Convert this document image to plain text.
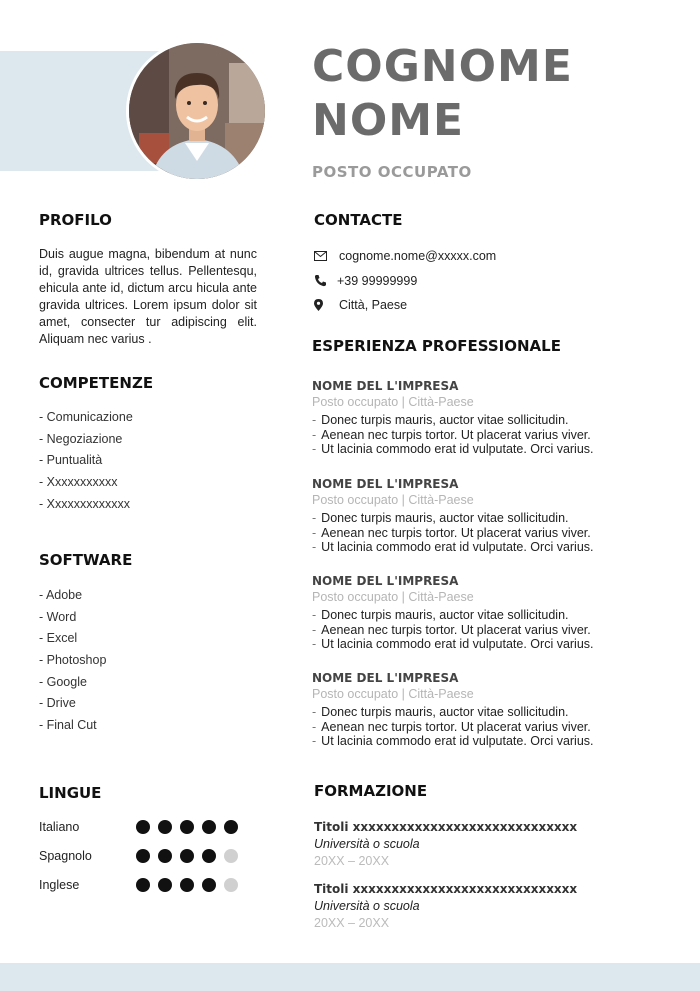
COGNOME
NOME
POSTO OCCUPATO
PROFILO
Duis augue magna, bibendum at nunc id, gravida ultrices tellus. Pellentesqu, ehicula ante id, dictum arcu hicula ante gravida ultrices. Lorem ipsum dolor sit amet, consecter tur adipiscing elit. Aliquam nec varius .
COMPETENZE
- Comunicazione
- Negoziazione
- Puntualità
- Xxxxxxxxxxx
- Xxxxxxxxxxxxx
SOFTWARE
- Adobe
- Word
- Excel
- Photoshop
- Google
- Drive
- Final Cut
LINGUE
Italiano
Spagnolo
Inglese
CONTACTE
cognome.nome@xxxxx.com
+39 99999999
Città, Paese
ESPERIENZA PROFESSIONALE
NOME DEL L'IMPRESA
Posto occupato | Città-Paese
- Donec turpis mauris, auctor vitae sollicitudin.
- Aenean nec turpis tortor. Ut placerat varius viver.
- Ut lacinia commodo erat id vulputate. Orci varius.
NOME DEL L'IMPRESA
Posto occupato | Città-Paese
- Donec turpis mauris, auctor vitae sollicitudin.
- Aenean nec turpis tortor. Ut placerat varius viver.
- Ut lacinia commodo erat id vulputate. Orci varius.
NOME DEL L'IMPRESA
Posto occupato | Città-Paese
- Donec turpis mauris, auctor vitae sollicitudin.
- Aenean nec turpis tortor. Ut placerat varius viver.
- Ut lacinia commodo erat id vulputate. Orci varius.
NOME DEL L'IMPRESA
Posto occupato | Città-Paese
- Donec turpis mauris, auctor vitae sollicitudin.
- Aenean nec turpis tortor. Ut placerat varius viver.
- Ut lacinia commodo erat id vulputate. Orci varius.
FORMAZIONE
Titoli xxxxxxxxxxxxxxxxxxxxxxxxxxxxx
Università o scuola
20XX – 20XX
Titoli xxxxxxxxxxxxxxxxxxxxxxxxxxxxx
Università o scuola
20XX – 20XX
